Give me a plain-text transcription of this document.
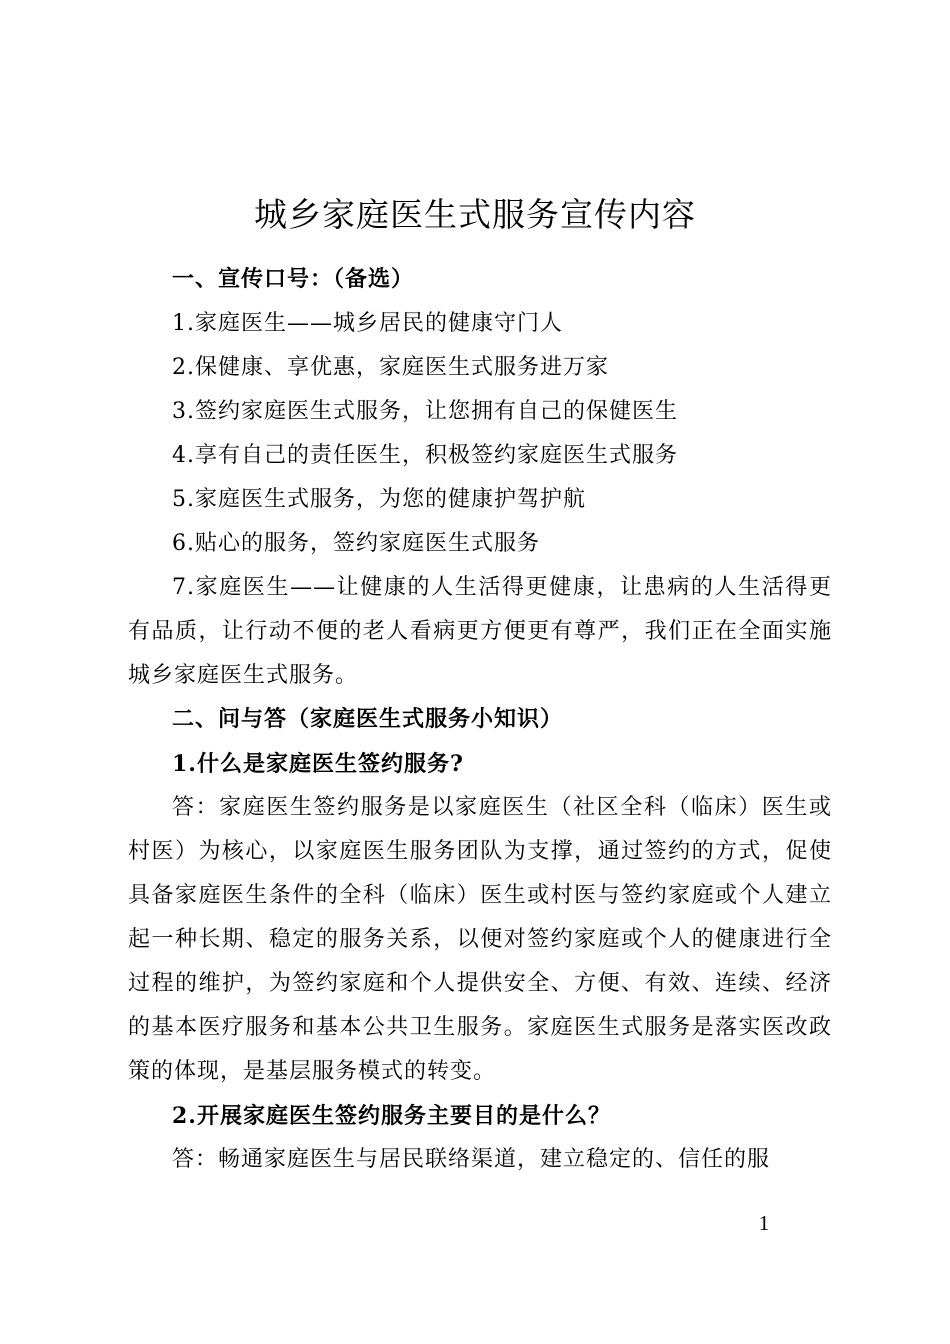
城乡家庭医生式服务宣传内容

一、宣传口号：（备选）

1.家庭医生——城乡居民的健康守门人

2.保健康、享优惠，家庭医生式服务进万家

3.签约家庭医生式服务，让您拥有自己的保健医生

4.享有自己的责任医生，积极签约家庭医生式服务

5.家庭医生式服务，为您的健康护驾护航

6.贴心的服务，签约家庭医生式服务

7.家庭医生——让健康的人生活得更健康，让患病的人生活得更有品质，让行动不便的老人看病更方便更有尊严，我们正在全面实施城乡家庭医生式服务。

二、问与答（家庭医生式服务小知识）

1.什么是家庭医生签约服务?

答：家庭医生签约服务是以家庭医生（社区全科（临床）医生或村医）为核心，以家庭医生服务团队为支撑，通过签约的方式，促使具备家庭医生条件的全科（临床）医生或村医与签约家庭或个人建立起一种长期、稳定的服务关系，以便对签约家庭或个人的健康进行全过程的维护，为签约家庭和个人提供安全、方便、有效、连续、经济的基本医疗服务和基本公共卫生服务。家庭医生式服务是落实医改政策的体现，是基层服务模式的转变。

2.开展家庭医生签约服务主要目的是什么？

答：畅通家庭医生与居民联络渠道，建立稳定的、信任的服

1
